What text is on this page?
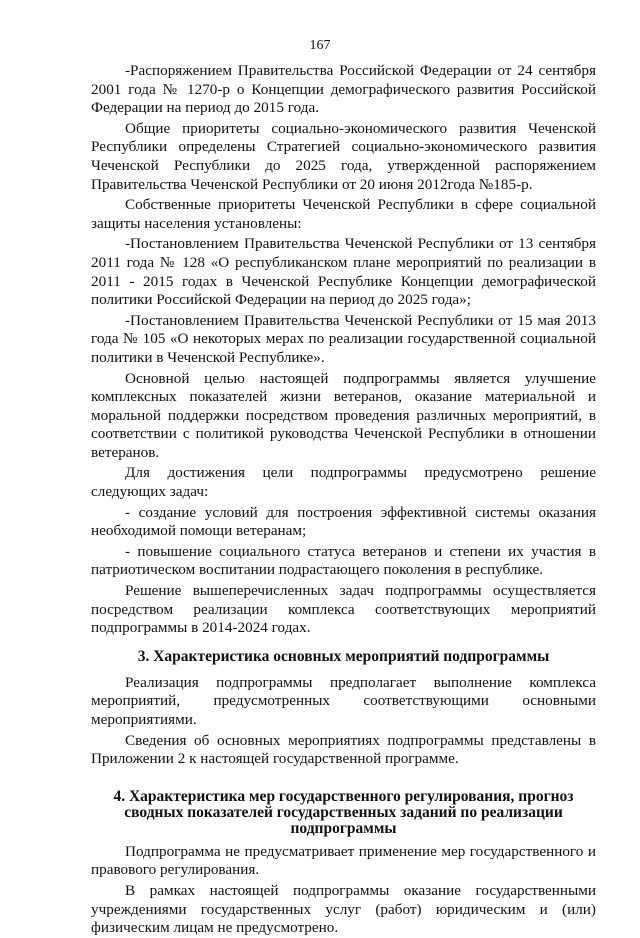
167

-Распоряжением Правительства Российской Федерации от 24 сентября 2001 года № 1270-р о Концепции демографического развития Российской Федерации на период до 2015 года.

Общие приоритеты социально-экономического развития Чеченской Республики определены Стратегией социально-экономического развития Чеченской Республики до 2025 года, утвержденной распоряжением Правительства Чеченской Республики от 20 июня 2012года №185-р.

Собственные приоритеты Чеченской Республики в сфере социальной защиты населения установлены:

-Постановлением Правительства Чеченской Республики от 13 сентября 2011 года № 128 «О республиканском плане мероприятий по реализации в 2011 - 2015 годах в Чеченской Республике Концепции демографической политики Российской Федерации на период до 2025 года»;

-Постановлением Правительства Чеченской Республики от 15 мая 2013 года № 105 «О некоторых мерах по реализации государственной социальной политики в Чеченской Республике».

Основной целью настоящей подпрограммы является улучшение комплексных показателей жизни ветеранов, оказание материальной и моральной поддержки посредством проведения различных мероприятий, в соответствии с политикой руководства Чеченской Республики в отношении ветеранов.

Для достижения цели подпрограммы предусмотрено решение следующих задач:

- создание условий для построения эффективной системы оказания необходимой помощи ветеранам;

- повышение социального статуса ветеранов и степени их участия в патриотическом воспитании подрастающего поколения в республике.

Решение вышеперечисленных задач подпрограммы осуществляется посредством реализации комплекса соответствующих мероприятий подпрограммы в 2014-2024 годах.

3. Характеристика основных мероприятий подпрограммы

Реализация подпрограммы предполагает выполнение комплекса мероприятий, предусмотренных соответствующими основными мероприятиями.

Сведения об основных мероприятиях подпрограммы представлены в Приложении 2 к настоящей государственной программе.

4. Характеристика мер государственного регулирования, прогноз сводных показателей государственных заданий по реализации подпрограммы

Подпрограмма не предусматривает применение мер государственного и правового регулирования.

В рамках настоящей подпрограммы оказание государственными учреждениями государственных услуг (работ) юридическим и (или) физическим лицам не предусмотрено.
